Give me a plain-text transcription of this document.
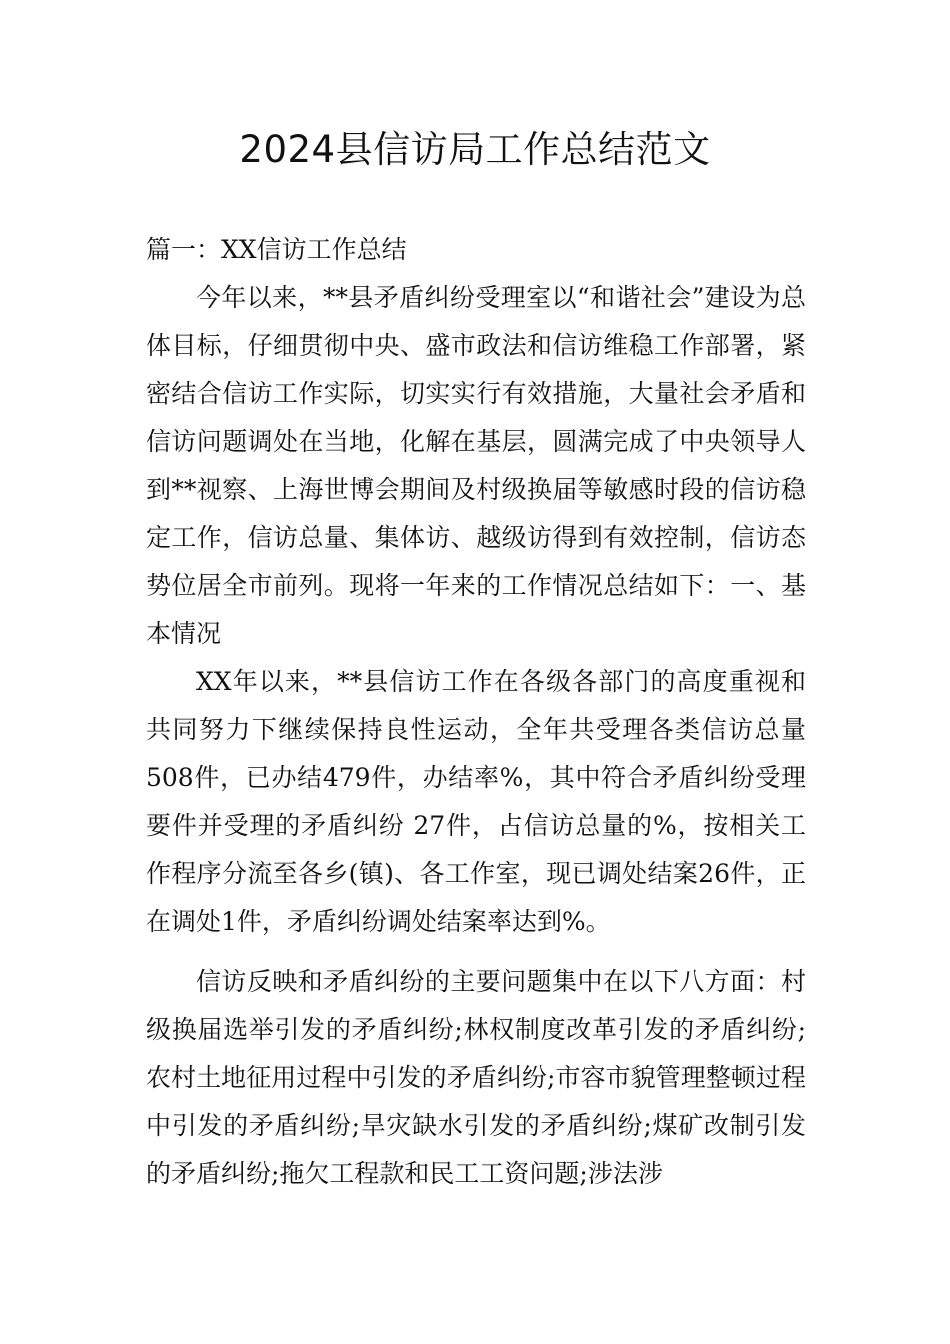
2024县信访局工作总结范文
篇一：XX信访工作总结

今年以来，**县矛盾纠纷受理室以“和谐社会”建设为总体目标，仔细贯彻中央、盛市政法和信访维稳工作部署，紧密结合信访工作实际，切实实行有效措施，大量社会矛盾和信访问题调处在当地，化解在基层，圆满完成了中央领导人到**视察、上海世博会期间及村级换届等敏感时段的信访稳定工作，信访总量、集体访、越级访得到有效控制，信访态势位居全市前列。现将一年来的工作情况总结如下：一、基本情况

XX年以来，**县信访工作在各级各部门的高度重视和共同努力下继续保持良性运动，全年共受理各类信访总量508件，已办结479件，办结率%，其中符合矛盾纠纷受理要件并受理的矛盾纠纷 27件，占信访总量的%，按相关工作程序分流至各乡(镇)、各工作室，现已调处结案26件，正在调处1件，矛盾纠纷调处结案率达到%。

信访反映和矛盾纠纷的主要问题集中在以下八方面：村级换届选举引发的矛盾纠纷;林权制度改革引发的矛盾纠纷;农村土地征用过程中引发的矛盾纠纷;市容市貌管理整顿过程中引发的矛盾纠纷;旱灾缺水引发的矛盾纠纷;煤矿改制引发的矛盾纠纷;拖欠工程款和民工工资问题;涉法涉
